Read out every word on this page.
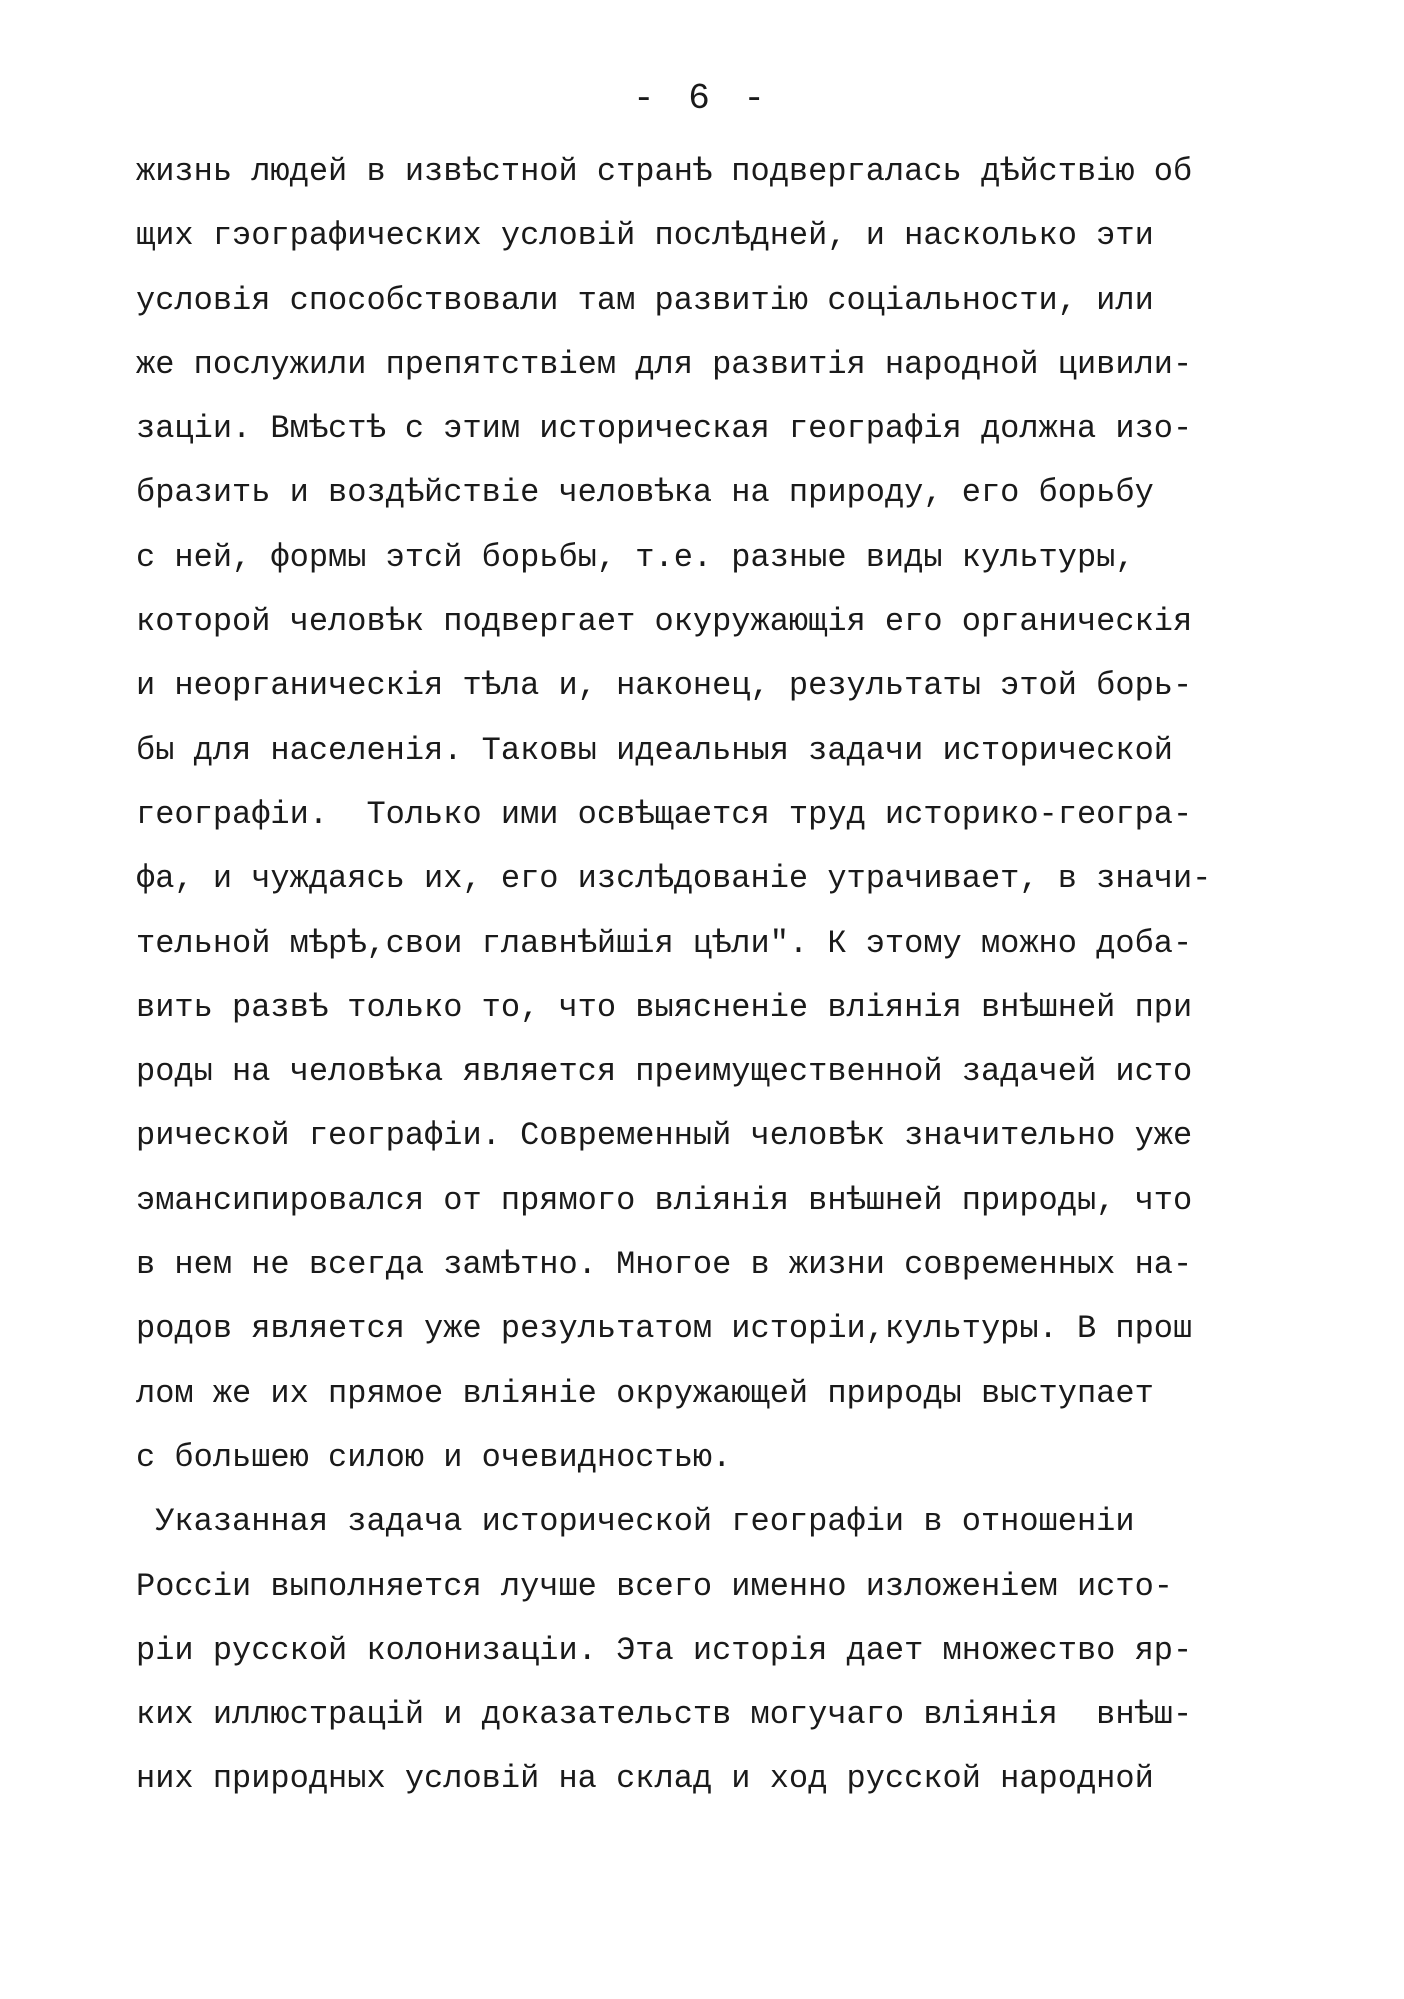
- 6 -
жизнь людей в извѣстной странѣ подвергалась дѣйствiю об
щих гэографических условiй послѣдней, и насколько эти
условiя способствовали там развитiю соцiальности, или
же послужили препятствiем для развитiя народной цивили-
зацiи. Вмѣстѣ с этим историческая географiя должна изо-
бразить и воздѣйствiе человѣка на природу, его борьбу
с ней, формы этсй борьбы, т.е. разные виды культуры,
которой человѣк подвергает окуружающiя его органическiя
и неорганическiя тѣла и, наконец, результаты этой борь-
бы для населенiя. Таковы идеальныя задачи исторической
географiи.  Только ими освѣщается труд историко-геогра-
фа, и чуждаясь их, его изслѣдованiе утрачивает, в значи-
тельной мѣрѣ,свои главнѣйшiя цѣли". К этому можно доба-
вить развѣ только то, что выясненiе влiянiя внѣшней при
роды на человѣка является преимущественной задачей исто
рической географiи. Современный человѣк значительно уже
эмансипировался от прямого влiянiя внѣшней природы, что
в нем не всегда замѣтно. Многое в жизни современных на-
родов является уже результатом исторiи,культуры. В прош
лом же их прямое влiянiе окружающей природы выступает
с большею силою и очевидностью.
Указанная задача исторической географiи в отношенiи
Россiи выполняется лучше всего именно изложенiем исто-
рiи русской колонизацiи. Эта исторiя дает множество яр-
ких иллюстрацiй и доказательств могучаго влiянiя  внѣш-
них природных условiй на склад и ход русской народной
